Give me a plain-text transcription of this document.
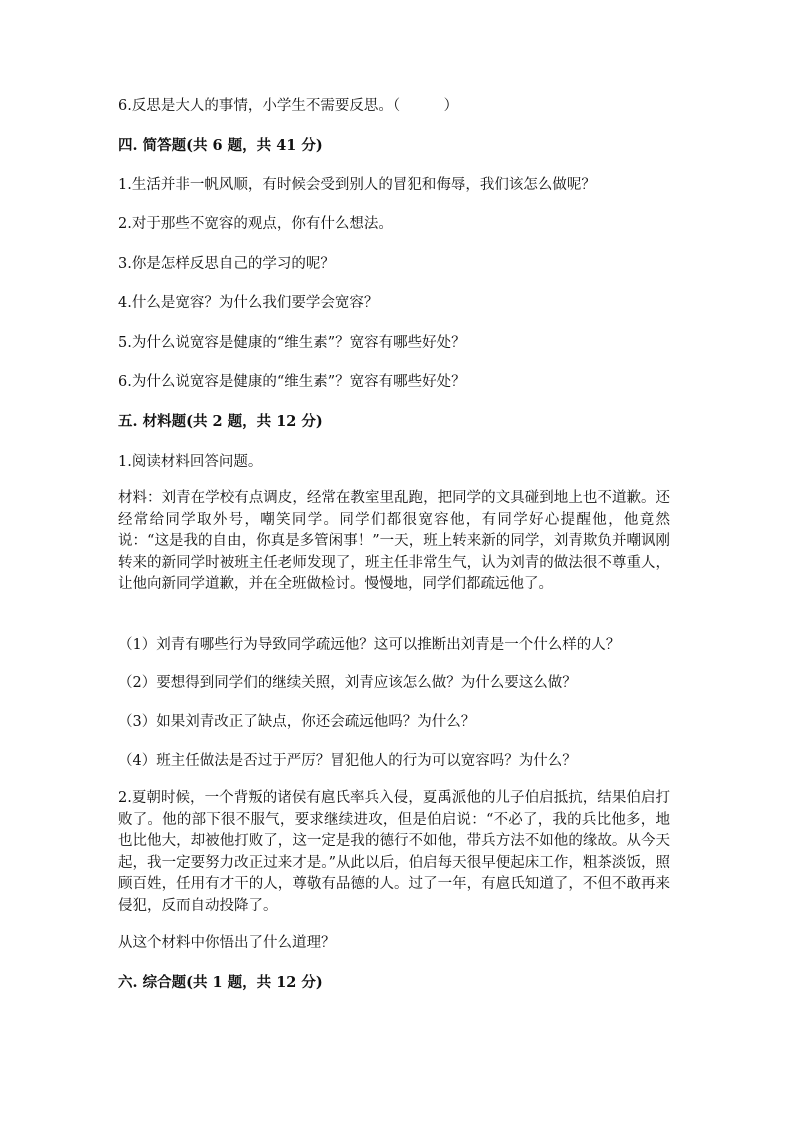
6.反思是大人的事情，小学生不需要反思。（　　　）
四. 简答题(共 6 题，共 41 分)
1.生活并非一帆风顺，有时候会受到别人的冒犯和侮辱，我们该怎么做呢？
2.对于那些不宽容的观点，你有什么想法。
3.你是怎样反思自己的学习的呢？
4.什么是宽容？为什么我们要学会宽容？
5.为什么说宽容是健康的“维生素”？宽容有哪些好处？
6.为什么说宽容是健康的“维生素”？宽容有哪些好处？
五. 材料题(共 2 题，共 12 分)
1.阅读材料回答问题。
材料：刘青在学校有点调皮，经常在教室里乱跑，把同学的文具碰到地上也不道歉。还经常给同学取外号，嘲笑同学。同学们都很宽容他，有同学好心提醒他，他竟然说：“这是我的自由，你真是多管闲事！”一天，班上转来新的同学，刘青欺负并嘲讽刚转来的新同学时被班主任老师发现了，班主任非常生气，认为刘青的做法很不尊重人，让他向新同学道歉，并在全班做检讨。慢慢地，同学们都疏远他了。
（1）刘青有哪些行为导致同学疏远他？这可以推断出刘青是一个什么样的人？
（2）要想得到同学们的继续关照，刘青应该怎么做？为什么要这么做？
（3）如果刘青改正了缺点，你还会疏远他吗？为什么？
（4）班主任做法是否过于严厉？冒犯他人的行为可以宽容吗？为什么？
2.夏朝时候，一个背叛的诸侯有扈氏率兵入侵，夏禹派他的儿子伯启抵抗，结果伯启打败了。他的部下很不服气，要求继续进攻，但是伯启说：“不必了，我的兵比他多，地也比他大，却被他打败了，这一定是我的德行不如他，带兵方法不如他的缘故。从今天起，我一定要努力改正过来才是。”从此以后，伯启每天很早便起床工作，粗茶淡饭，照顾百姓，任用有才干的人，尊敬有品德的人。过了一年，有扈氏知道了，不但不敢再来侵犯，反而自动投降了。
从这个材料中你悟出了什么道理？
六. 综合题(共 1 题，共 12 分)
